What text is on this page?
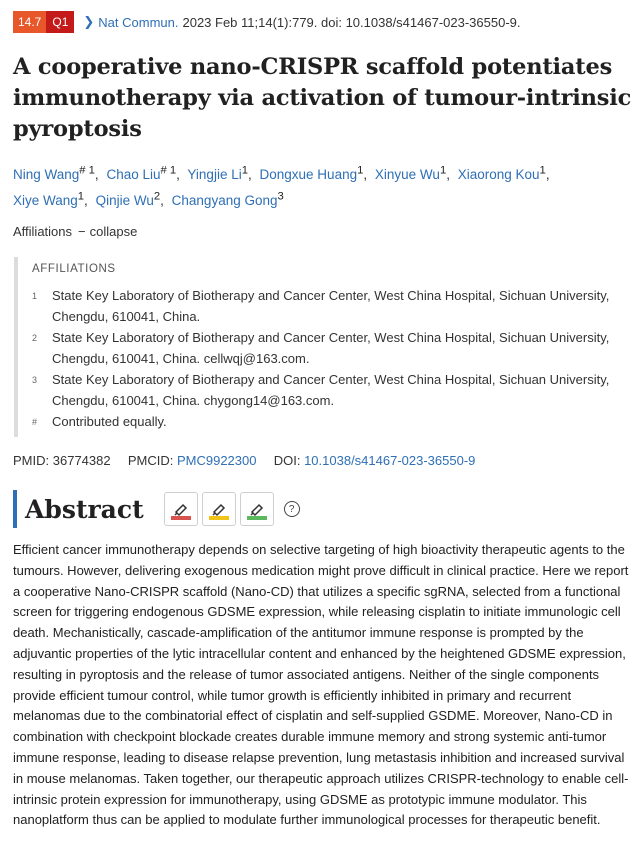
14.7 Q1	❯ Nat Commun. 2023 Feb 11;14(1):779. doi: 10.1038/s41467-023-36550-9.
A cooperative nano-CRISPR scaffold potentiates immunotherapy via activation of tumour-intrinsic pyroptosis
Ning Wang$^{\# 1}$, Chao Liu$^{\# 1}$, Yingjie Li$^1$, Dongxue Huang$^1$, Xinyue Wu$^1$, Xiaorong Kou$^1$,
Xiye Wang$^1$, Qinjie Wu$^2$, Changyang Gong$^3$
Affiliations − collapse
AFFILIATIONS
1	State Key Laboratory of Biotherapy and Cancer Center, West China Hospital, Sichuan University, Chengdu, 610041, China.
2	State Key Laboratory of Biotherapy and Cancer Center, West China Hospital, Sichuan University, Chengdu, 610041, China. cellwqj@163.com.
3	State Key Laboratory of Biotherapy and Cancer Center, West China Hospital, Sichuan University, Chengdu, 610041, China. chygong14@163.com.
#	Contributed equally.
PMID: 36774382 PMCID: PMC9922300 DOI: 10.1038/s41467-023-36550-9
Abstract	?

Efficient cancer immunotherapy depends on selective targeting of high bioactivity therapeutic agents to the tumours. However, delivering exogenous medication might prove difficult in clinical practice. Here we report a cooperative Nano-CRISPR scaffold (Nano-CD) that utilizes a specific sgRNA, selected from a functional screen for triggering endogenous GDSME expression, while releasing cisplatin to initiate immunologic cell death. Mechanistically, cascade-amplification of the antitumor immune response is prompted by the adjuvantic properties of the lytic intracellular content and enhanced by the heightened GDSME expression, resulting in pyroptosis and the release of tumor associated antigens. Neither of the single components provide efficient tumour control, while tumor growth is efficiently inhibited in primary and recurrent melanomas due to the combinatorial effect of cisplatin and self-supplied GSDME. Moreover, Nano-CD in combination with checkpoint blockade creates durable immune memory and strong systemic anti-tumor immune response, leading to disease relapse prevention, lung metastasis inhibition and increased survival in mouse melanomas. Taken together, our therapeutic approach utilizes CRISPR-technology to enable cell-intrinsic protein expression for immunotherapy, using GDSME as prototypic immune modulator. This nanoplatform thus can be applied to modulate further immunological processes for therapeutic benefit.
